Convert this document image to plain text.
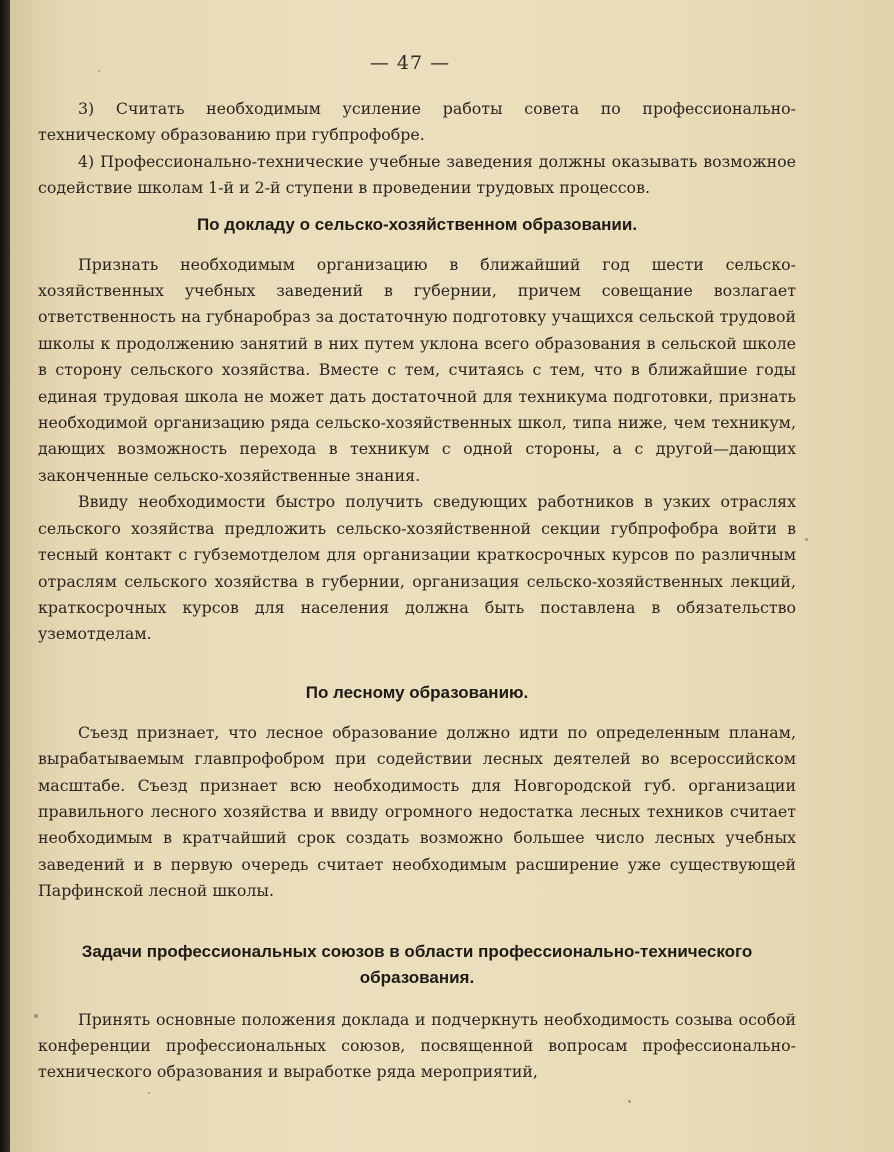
— 47 —

3) Считать необходимым усиление работы совета по профессионально-техническому образованию при губпрофобре.

4) Профессионально-технические учебные заведения должны оказывать возможное содействие школам 1-й и 2-й ступени в проведении трудовых процессов.

По докладу о сельско-хозяйственном образовании.

Признать необходимым организацию в ближайший год шести сельско-хозяйственных учебных заведений в губернии, причем совещание возлагает ответственность на губнаробраз за достаточную подготовку учащихся сельской трудовой школы к продолжению занятий в них путем уклона всего образования в сельской школе в сторону сельского хозяйства. Вместе с тем, считаясь с тем, что в ближайшие годы единая трудовая школа не может дать достаточной для техникума подготовки, признать необходимой организацию ряда сельско-хозяйственных школ, типа ниже, чем техникум, дающих возможность перехода в техникум с одной стороны, а с другой—дающих законченные сельско-хозяйственные знания.

Ввиду необходимости быстро получить сведующих работников в узких отраслях сельского хозяйства предложить сельско-хозяйственной секции губпрофобра войти в тесный контакт с губземотделом для организации краткосрочных курсов по различным отраслям сельского хозяйства в губернии, организация сельско-хозяйственных лекций, краткосрочных курсов для населения должна быть поставлена в обязательство уземотделам.

По лесному образованию.

Съезд признает, что лесное образование должно идти по определенным планам, вырабатываемым главпрофобром при содействии лесных деятелей во всероссийском масштабе. Съезд признает всю необходимость для Новгородской губ. организации правильного лесного хозяйства и ввиду огромного недостатка лесных техников считает необходимым в кратчайший срок создать возможно большее число лесных учебных заведений и в первую очередь считает необходимым расширение уже существующей Парфинской лесной школы.

Задачи профессиональных союзов в области профессионально-технического
образования.

Принять основные положения доклада и подчеркнуть необходимость созыва особой конференции профессиональных союзов, посвященной вопросам профессионально-технического образования и выработке ряда мероприятий,
